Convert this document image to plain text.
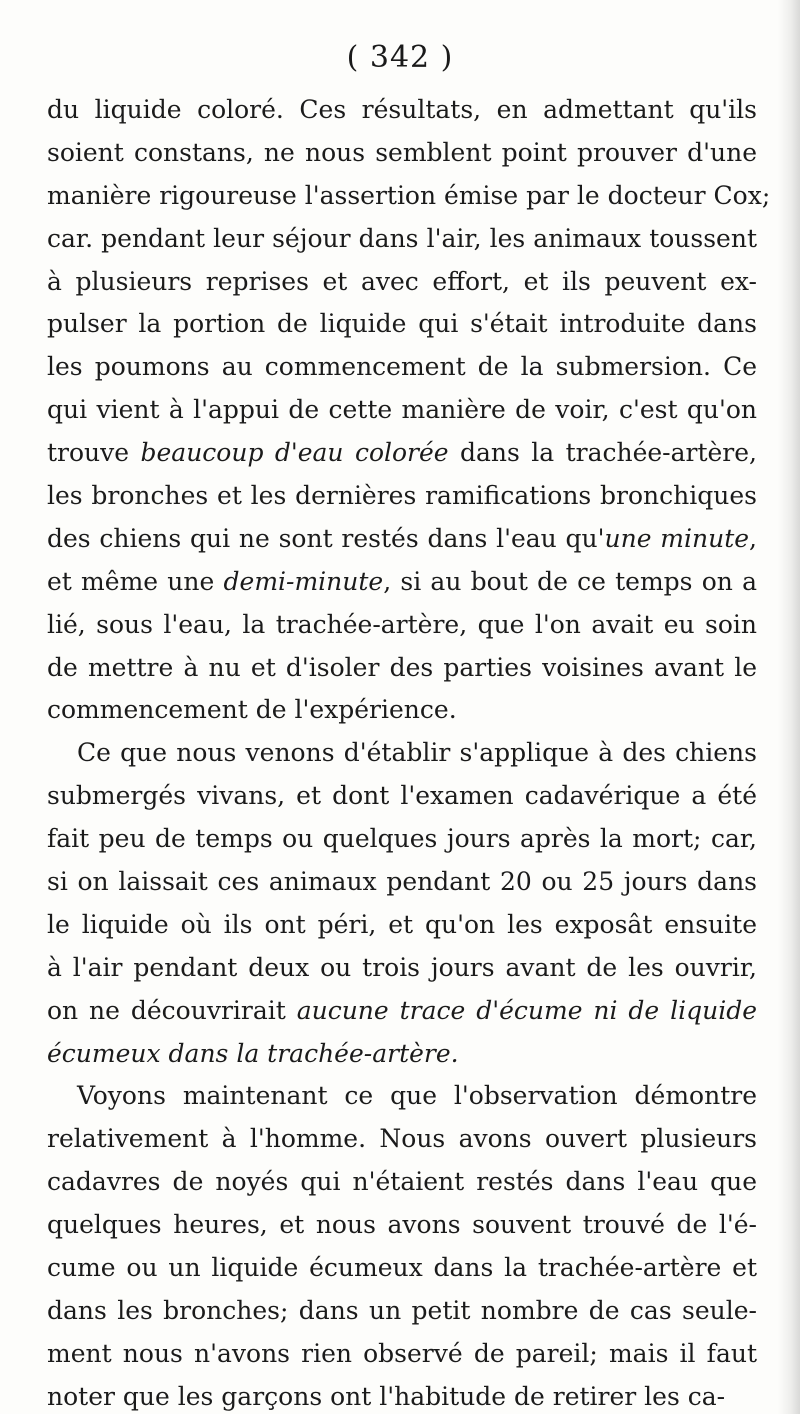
( 342 )
du liquide coloré. Ces résultats, en admettant qu'ils
soient constans, ne nous semblent point prouver d'une
manière rigoureuse l'assertion émise par le docteur Cox;
car. pendant leur séjour dans l'air, les animaux toussent
à plusieurs reprises et avec effort, et ils peuvent ex-
pulser la portion de liquide qui s'était introduite dans
les poumons au commencement de la submersion. Ce
qui vient à l'appui de cette manière de voir, c'est qu'on
trouve beaucoup d'eau colorée dans la trachée-artère,
les bronches et les dernières ramifications bronchiques
des chiens qui ne sont restés dans l'eau qu'une minute,
et même une demi-minute, si au bout de ce temps on a
lié, sous l'eau, la trachée-artère, que l'on avait eu soin
de mettre à nu et d'isoler des parties voisines avant le
commencement de l'expérience.
Ce que nous venons d'établir s'applique à des chiens
submergés vivans, et dont l'examen cadavérique a été
fait peu de temps ou quelques jours après la mort; car,
si on laissait ces animaux pendant 20 ou 25 jours dans
le liquide où ils ont péri, et qu'on les exposât ensuite
à l'air pendant deux ou trois jours avant de les ouvrir,
on ne découvrirait aucune trace d'écume ni de liquide
écumeux dans la trachée-artère.
Voyons maintenant ce que l'observation démontre
relativement à l'homme. Nous avons ouvert plusieurs
cadavres de noyés qui n'étaient restés dans l'eau que
quelques heures, et nous avons souvent trouvé de l'é-
cume ou un liquide écumeux dans la trachée-artère et
dans les bronches; dans un petit nombre de cas seule-
ment nous n'avons rien observé de pareil; mais il faut
noter que les garçons ont l'habitude de retirer les ca-
